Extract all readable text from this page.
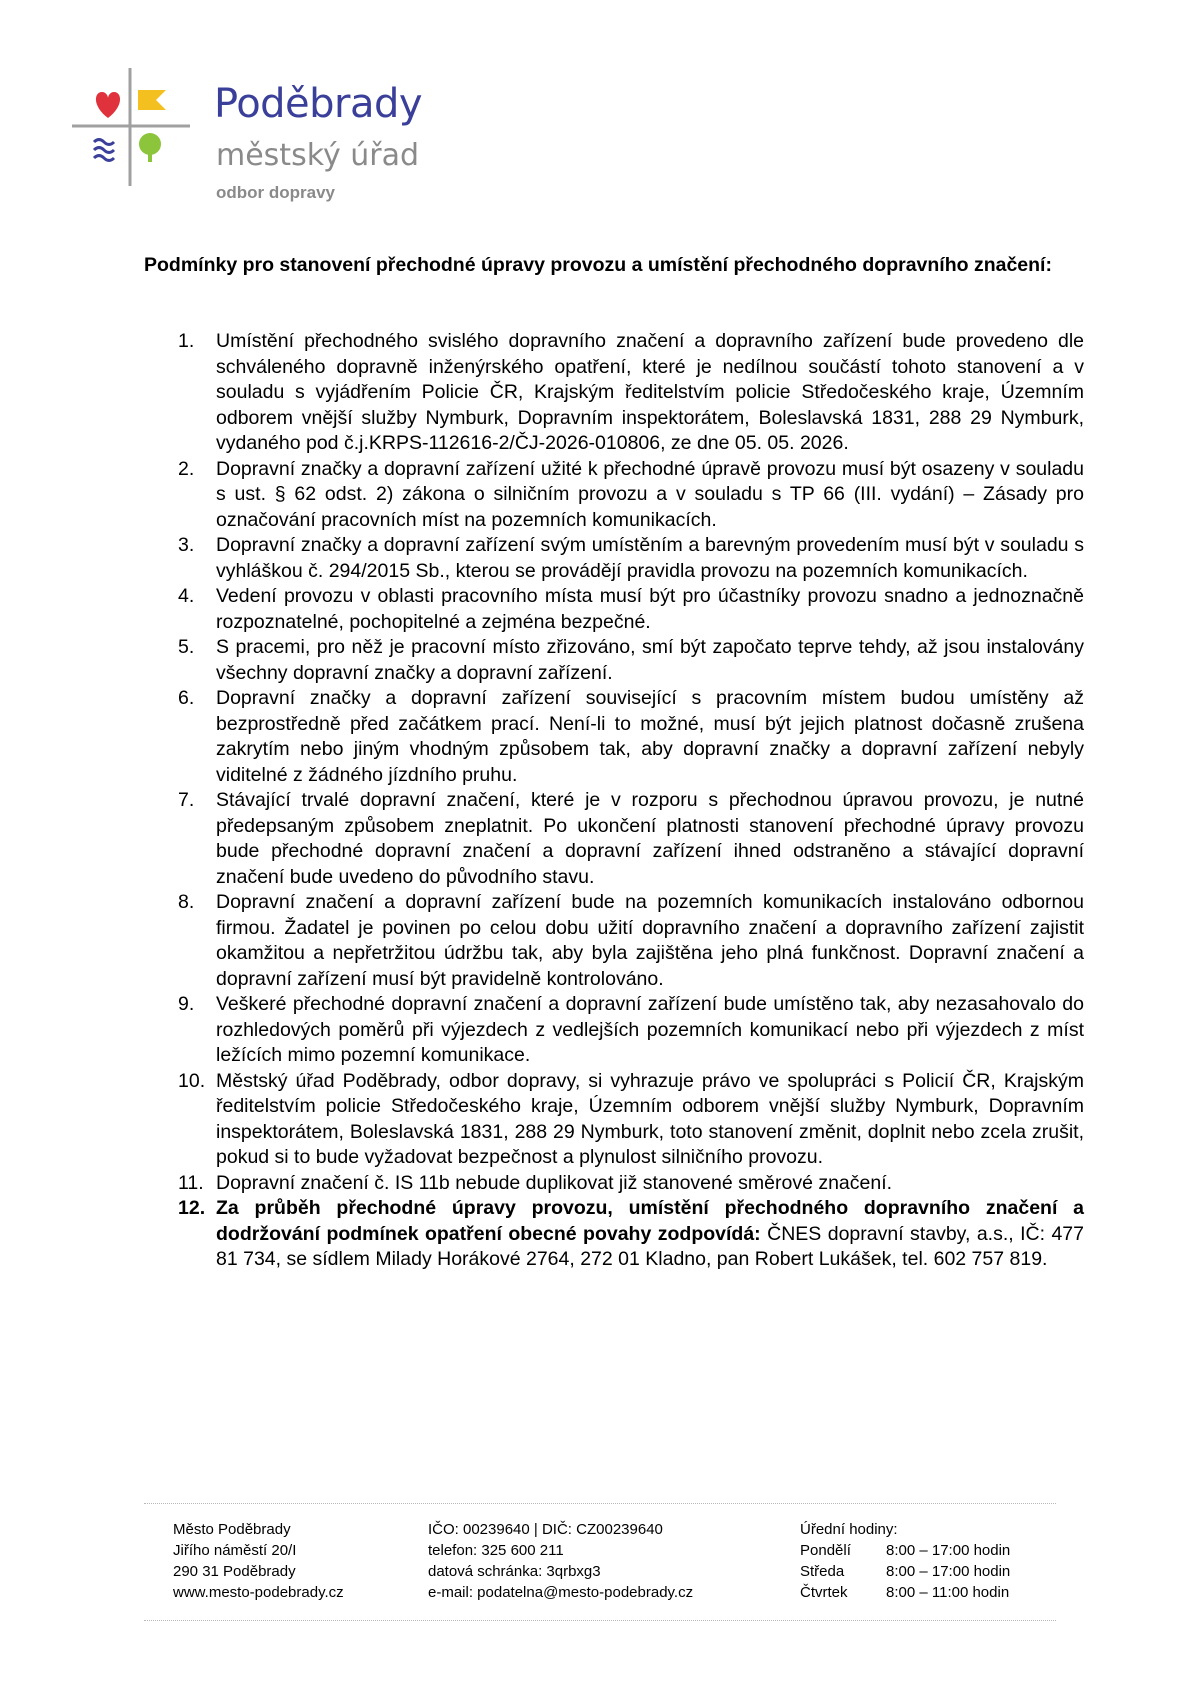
Poděbrady
městský úřad
odbor dopravy

Podmínky pro stanovení přechodné úpravy provozu a umístění přechodného dopravního značení:

1. Umístění přechodného svislého dopravního značení a dopravního zařízení bude provedeno dle schváleného dopravně inženýrského opatření, které je nedílnou součástí tohoto stanovení a v souladu s vyjádřením Policie ČR, Krajským ředitelstvím policie Středočeského kraje, Územním odborem vnější služby Nymburk, Dopravním inspektorátem, Boleslavská 1831, 288 29 Nymburk, vydaného pod č.j.KRPS-112616-2/ČJ-2026-010806, ze dne 05. 05. 2026.
2. Dopravní značky a dopravní zařízení užité k přechodné úpravě provozu musí být osazeny v souladu s ust. § 62 odst. 2) zákona o silničním provozu a v souladu s TP 66 (III. vydání) – Zásady pro označování pracovních míst na pozemních komunikacích.
3. Dopravní značky a dopravní zařízení svým umístěním a barevným provedením musí být v souladu s vyhláškou č. 294/2015 Sb., kterou se provádějí pravidla provozu na pozemních komunikacích.
4. Vedení provozu v oblasti pracovního místa musí být pro účastníky provozu snadno a jednoznačně rozpoznatelné, pochopitelné a zejména bezpečné.
5. S pracemi, pro něž je pracovní místo zřizováno, smí být započato teprve tehdy, až jsou instalovány všechny dopravní značky a dopravní zařízení.
6. Dopravní značky a dopravní zařízení související s pracovním místem budou umístěny až bezprostředně před začátkem prací. Není-li to možné, musí být jejich platnost dočasně zrušena zakrytím nebo jiným vhodným způsobem tak, aby dopravní značky a dopravní zařízení nebyly viditelné z žádného jízdního pruhu.
7. Stávající trvalé dopravní značení, které je v rozporu s přechodnou úpravou provozu, je nutné předepsaným způsobem zneplatnit. Po ukončení platnosti stanovení přechodné úpravy provozu bude přechodné dopravní značení a dopravní zařízení ihned odstraněno a stávající dopravní značení bude uvedeno do původního stavu.
8. Dopravní značení a dopravní zařízení bude na pozemních komunikacích instalováno odbornou firmou. Žadatel je povinen po celou dobu užití dopravního značení a dopravního zařízení zajistit okamžitou a nepřetržitou údržbu tak, aby byla zajištěna jeho plná funkčnost. Dopravní značení a dopravní zařízení musí být pravidelně kontrolováno.
9. Veškeré přechodné dopravní značení a dopravní zařízení bude umístěno tak, aby nezasahovalo do rozhledových poměrů při výjezdech z vedlejších pozemních komunikací nebo při výjezdech z míst ležících mimo pozemní komunikace.
10. Městský úřad Poděbrady, odbor dopravy, si vyhrazuje právo ve spolupráci s Policií ČR, Krajským ředitelstvím policie Středočeského kraje, Územním odborem vnější služby Nymburk, Dopravním inspektorátem, Boleslavská 1831, 288 29 Nymburk, toto stanovení změnit, doplnit nebo zcela zrušit, pokud si to bude vyžadovat bezpečnost a plynulost silničního provozu.
11. Dopravní značení č. IS 11b nebude duplikovat již stanovené směrové značení.
12. Za průběh přechodné úpravy provozu, umístění přechodného dopravního značení a dodržování podmínek opatření obecné povahy zodpovídá: ČNES dopravní stavby, a.s., IČ: 477 81 734, se sídlem Milady Horákové 2764, 272 01 Kladno, pan Robert Lukášek, tel. 602 757 819.
Město Poděbrady
Jiřího náměstí 20/I
290 31 Poděbrady
www.mesto-podebrady.cz
IČO: 00239640 | DIČ: CZ00239640
telefon: 325 600 211
datová schránka: 3qrbxg3
e-mail: podatelna@mesto-podebrady.cz
Úřední hodiny:
Pondělí 8:00 – 17:00 hodin
Středa	8:00 – 17:00 hodin
Čtvrtek	8:00 – 11:00 hodin
